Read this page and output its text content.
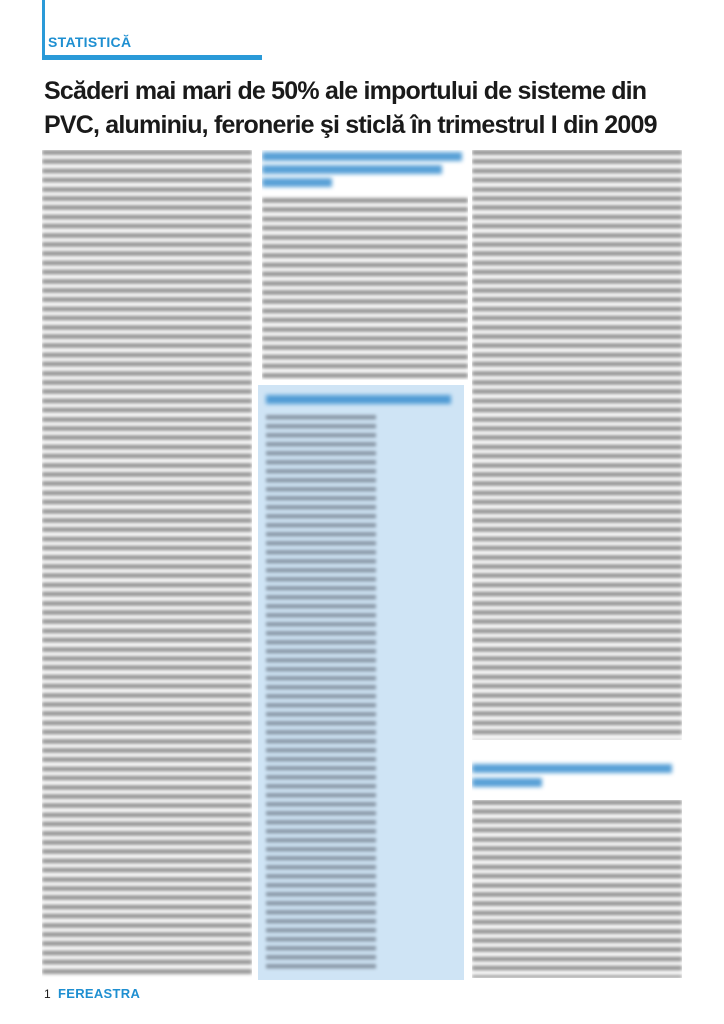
STATISTICĂ
Scăderi mai mari de 50% ale importului de sisteme din
PVC, aluminiu, feronerie şi sticlă în trimestrul I din 2009
1 FEREASTRA
